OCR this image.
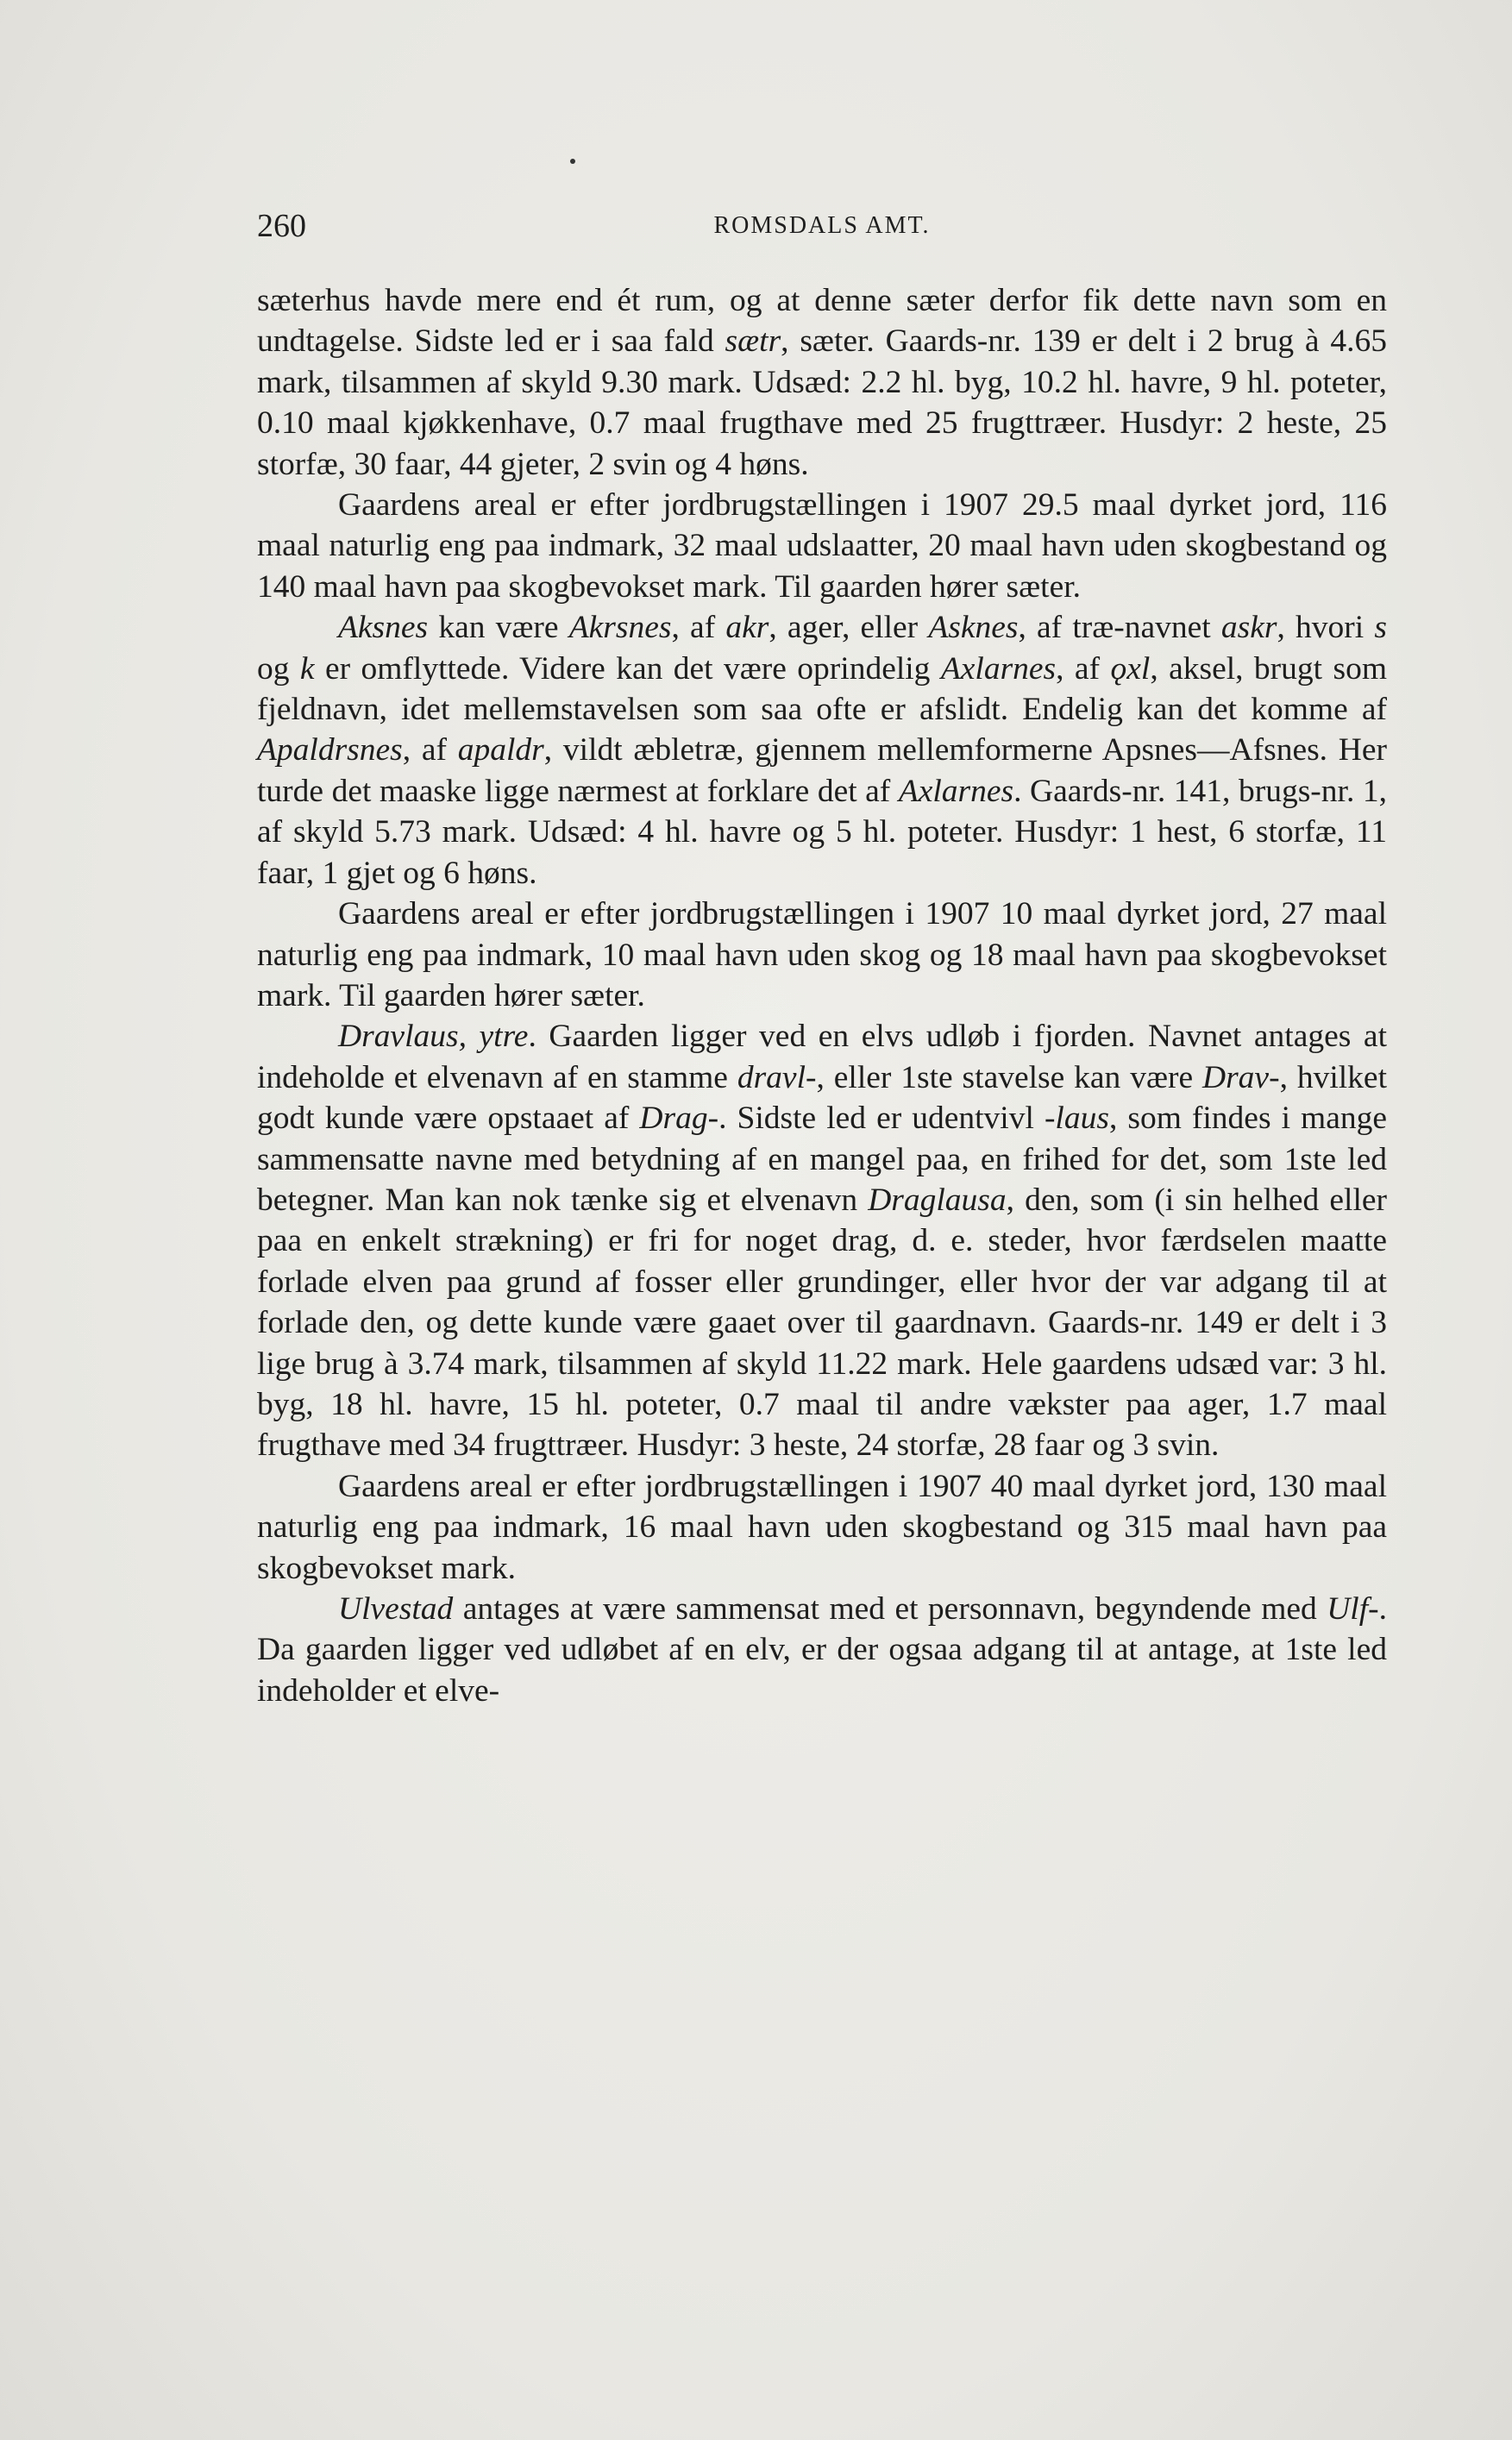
260	ROMSDALS AMT.

sæterhus havde mere end ét rum, og at denne sæter derfor fik dette navn som en undtagelse. Sidste led er i saa fald sætr, sæter. Gaards-nr. 139 er delt i 2 brug à 4.65 mark, tilsammen af skyld 9.30 mark. Udsæd: 2.2 hl. byg, 10.2 hl. havre, 9 hl. poteter, 0.10 maal kjøkkenhave, 0.7 maal frugthave med 25 frugttræer. Husdyr: 2 heste, 25 storfæ, 30 faar, 44 gjeter, 2 svin og 4 høns.

Gaardens areal er efter jordbrugstællingen i 1907 29.5 maal dyrket jord, 116 maal naturlig eng paa indmark, 32 maal udslaatter, 20 maal havn uden skogbestand og 140 maal havn paa skogbevokset mark. Til gaarden hører sæter.

Aksnes kan være Akrsnes, af akr, ager, eller Asknes, af træ-navnet askr, hvori s og k er omflyttede. Videre kan det være oprindelig Axlarnes, af ǫxl, aksel, brugt som fjeldnavn, idet mellemstavelsen som saa ofte er afslidt. Endelig kan det komme af Apaldrsnes, af apaldr, vildt æbletræ, gjennem mellemformerne Apsnes—Afsnes. Her turde det maaske ligge nærmest at forklare det af Axlarnes. Gaards-nr. 141, brugs-nr. 1, af skyld 5.73 mark. Udsæd: 4 hl. havre og 5 hl. poteter. Husdyr: 1 hest, 6 storfæ, 11 faar, 1 gjet og 6 høns.

Gaardens areal er efter jordbrugstællingen i 1907 10 maal dyrket jord, 27 maal naturlig eng paa indmark, 10 maal havn uden skog og 18 maal havn paa skogbevokset mark. Til gaarden hører sæter.

Dravlaus, ytre. Gaarden ligger ved en elvs udløb i fjorden. Navnet antages at indeholde et elvenavn af en stamme dravl-, eller 1ste stavelse kan være Drav-, hvilket godt kunde være opstaaet af Drag-. Sidste led er udentvivl -laus, som findes i mange sammensatte navne med betydning af en mangel paa, en frihed for det, som 1ste led betegner. Man kan nok tænke sig et elvenavn Draglausa, den, som (i sin helhed eller paa en enkelt strækning) er fri for noget drag, d. e. steder, hvor færdselen maatte forlade elven paa grund af fosser eller grundinger, eller hvor der var adgang til at forlade den, og dette kunde være gaaet over til gaardnavn. Gaards-nr. 149 er delt i 3 lige brug à 3.74 mark, tilsammen af skyld 11.22 mark. Hele gaardens udsæd var: 3 hl. byg, 18 hl. havre, 15 hl. poteter, 0.7 maal til andre vækster paa ager, 1.7 maal frugthave med 34 frugttræer. Husdyr: 3 heste, 24 storfæ, 28 faar og 3 svin.

Gaardens areal er efter jordbrugstællingen i 1907 40 maal dyrket jord, 130 maal naturlig eng paa indmark, 16 maal havn uden skogbestand og 315 maal havn paa skogbevokset mark.

Ulvestad antages at være sammensat med et personnavn, begyndende med Ulf-. Da gaarden ligger ved udløbet af en elv, er der ogsaa adgang til at antage, at 1ste led indeholder et elve-
